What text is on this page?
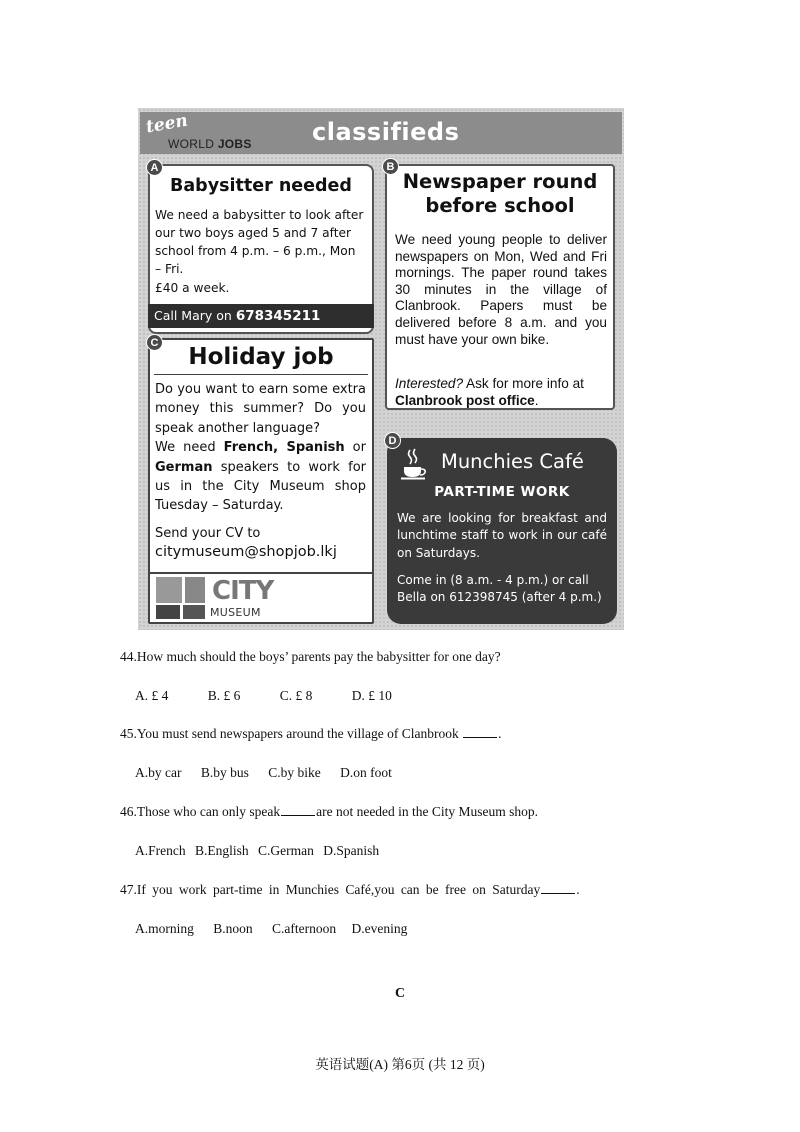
teen
WORLD JOBS	classifieds
Babysitter needed
We need a babysitter to look after our two boys aged 5 and 7 after school from 4 p.m. – 6 p.m., Mon – Fri.
£40 a week.
Call Mary on 678345211
A
Newspaper round before school
We need young people to deliver newspapers on Mon, Wed and Fri mornings. The paper round takes 30 minutes in the village of Clanbrook. Papers must be delivered before 8 a.m. and you must have your own bike.
Interested? Ask for more info at Clanbrook post office.
B
Holiday job
Do you want to earn some extra money this summer? Do you speak another language?
We need French, Spanish or German speakers to work for us in the City Museum shop Tuesday – Saturday.
Send your CV to
citymuseum@shopjob.lkj
CITY
MUSEUM
C
Munchies Café
PART-TIME WORK
We are looking for breakfast and lunchtime staff to work in our café on Saturdays.
Come in (8 a.m. - 4 p.m.) or call Bella on 612398745 (after 4 p.m.)
D
44.How much should the boys’ parents pay the babysitter for one day?
A. £ 4	B. £ 6	C. £ 8	D. £ 10
45.You must send newspapers around the village of Clanbrook	.
A.by car B.by bus C.by bike D.on foot
46.Those who can only speak	are not needed in the City Museum shop.
A.French B.English C.German D.Spanish
47.If you work part-time in Munchies Café,you can be free on Saturday	.
A.morning B.noon C.afternoon D.evening
C
英语试题(A) 第6页 (共 12 页)
